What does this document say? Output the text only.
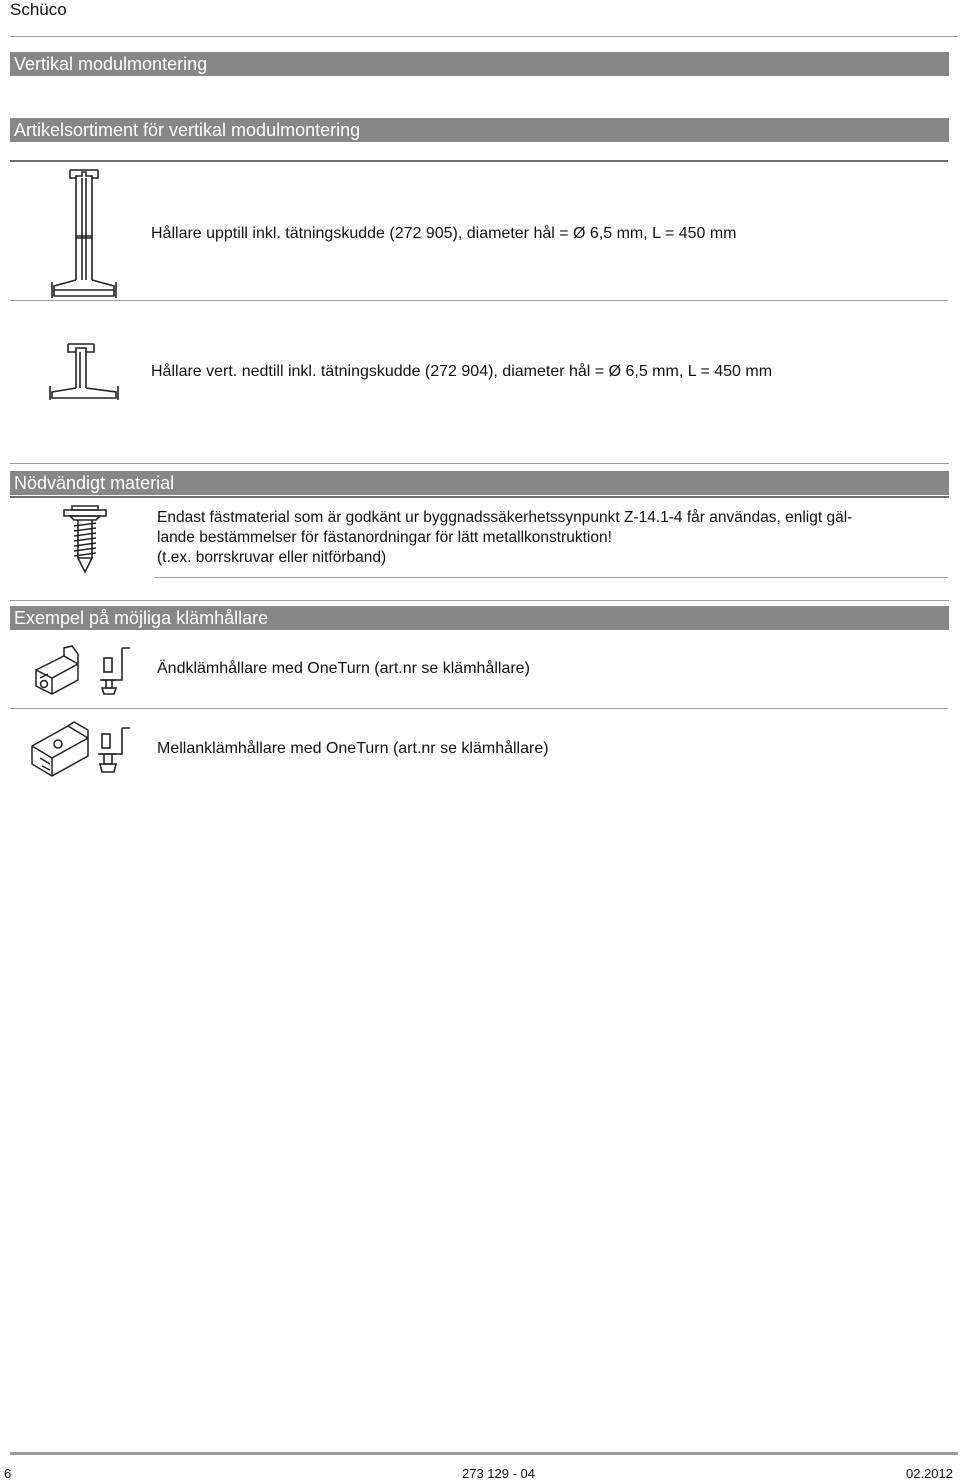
Schüco
Vertikal modulmontering
Artikelsortiment för vertikal modulmontering
Hållare upptill inkl. tätningskudde (272 905), diameter hål = Ø 6,5 mm, L = 450 mm
Hållare vert. nedtill inkl. tätningskudde (272 904), diameter hål = Ø 6,5 mm, L = 450 mm
Nödvändigt material
Endast fästmaterial som är godkänt ur byggnadssäkerhetssynpunkt Z-14.1-4 får användas, enligt gäl-
lande bestämmelser för fästanordningar för lätt metallkonstruktion!
(t.ex. borrskruvar eller nitförband)
Exempel på möjliga klämhållare
Ändklämhållare med OneTurn (art.nr se klämhållare)
Mellanklämhållare med OneTurn (art.nr se klämhållare)
6	273 129 - 04	02.2012
